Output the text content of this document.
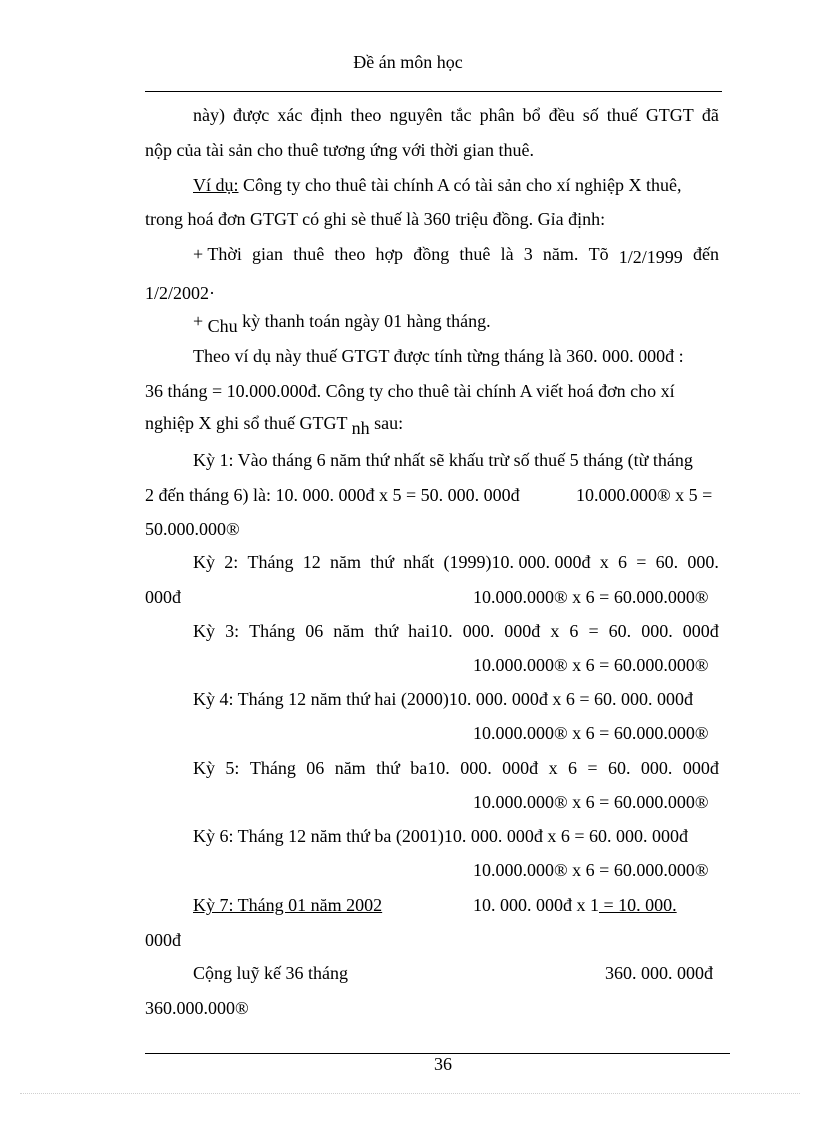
Đề án môn học
này) được xác định theo nguyên tắc phân bổ đều số thuế GTGT đã
nộp của tài sản cho thuê tương ứng với thời gian thuê.
Ví dụ: Công ty cho thuê tài chính A có tài sản cho xí nghiệp X thuê,
trong hoá đơn GTGT có ghi sè thuế là 360 triệu đồng. Gỉa định:
+ Thời gian thuê theo hợp đồng thuê là 3 năm. Tõ 1/2/1999 đến
1/2/2002·
+ Chu kỳ thanh toán ngày 01 hàng tháng.
Theo ví dụ này thuế GTGT được tính từng tháng là 360. 000. 000đ :
36 tháng = 10.000.000đ. Công ty cho thuê tài chính A viết hoá đơn cho xí
nghiệp X ghi sổ thuế GTGT nh sau:
Kỳ 1: Vào tháng 6 năm thứ nhất sẽ khấu trừ số thuế 5 tháng (từ tháng
2 đến tháng 6) là: 10. 000. 000đ x 5 = 50. 000. 000đ	10.000.000® x 5 =
50.000.000®
Kỳ 2: Tháng 12 năm thứ nhất (1999)10. 000. 000đ x 6 = 60. 000.
000đ	10.000.000® x 6 = 60.000.000®
Kỳ 3: Tháng 06 năm thứ hai10. 000. 000đ x 6 = 60. 000. 000đ
10.000.000® x 6 = 60.000.000®
Kỳ 4: Tháng 12 năm thứ hai (2000)10. 000. 000đ x 6 = 60. 000. 000đ
10.000.000® x 6 = 60.000.000®
Kỳ 5: Tháng 06 năm thứ ba10. 000. 000đ x 6 = 60. 000. 000đ
10.000.000® x 6 = 60.000.000®
Kỳ 6: Tháng 12 năm thứ ba (2001)10. 000. 000đ x 6 = 60. 000. 000đ
10.000.000® x 6 = 60.000.000®
Kỳ 7: Tháng 01 năm 2002	10. 000. 000đ x 1 = 10. 000.
000đ
Cộng luỹ kế 36 tháng	360. 000. 000đ
360.000.000®
36
